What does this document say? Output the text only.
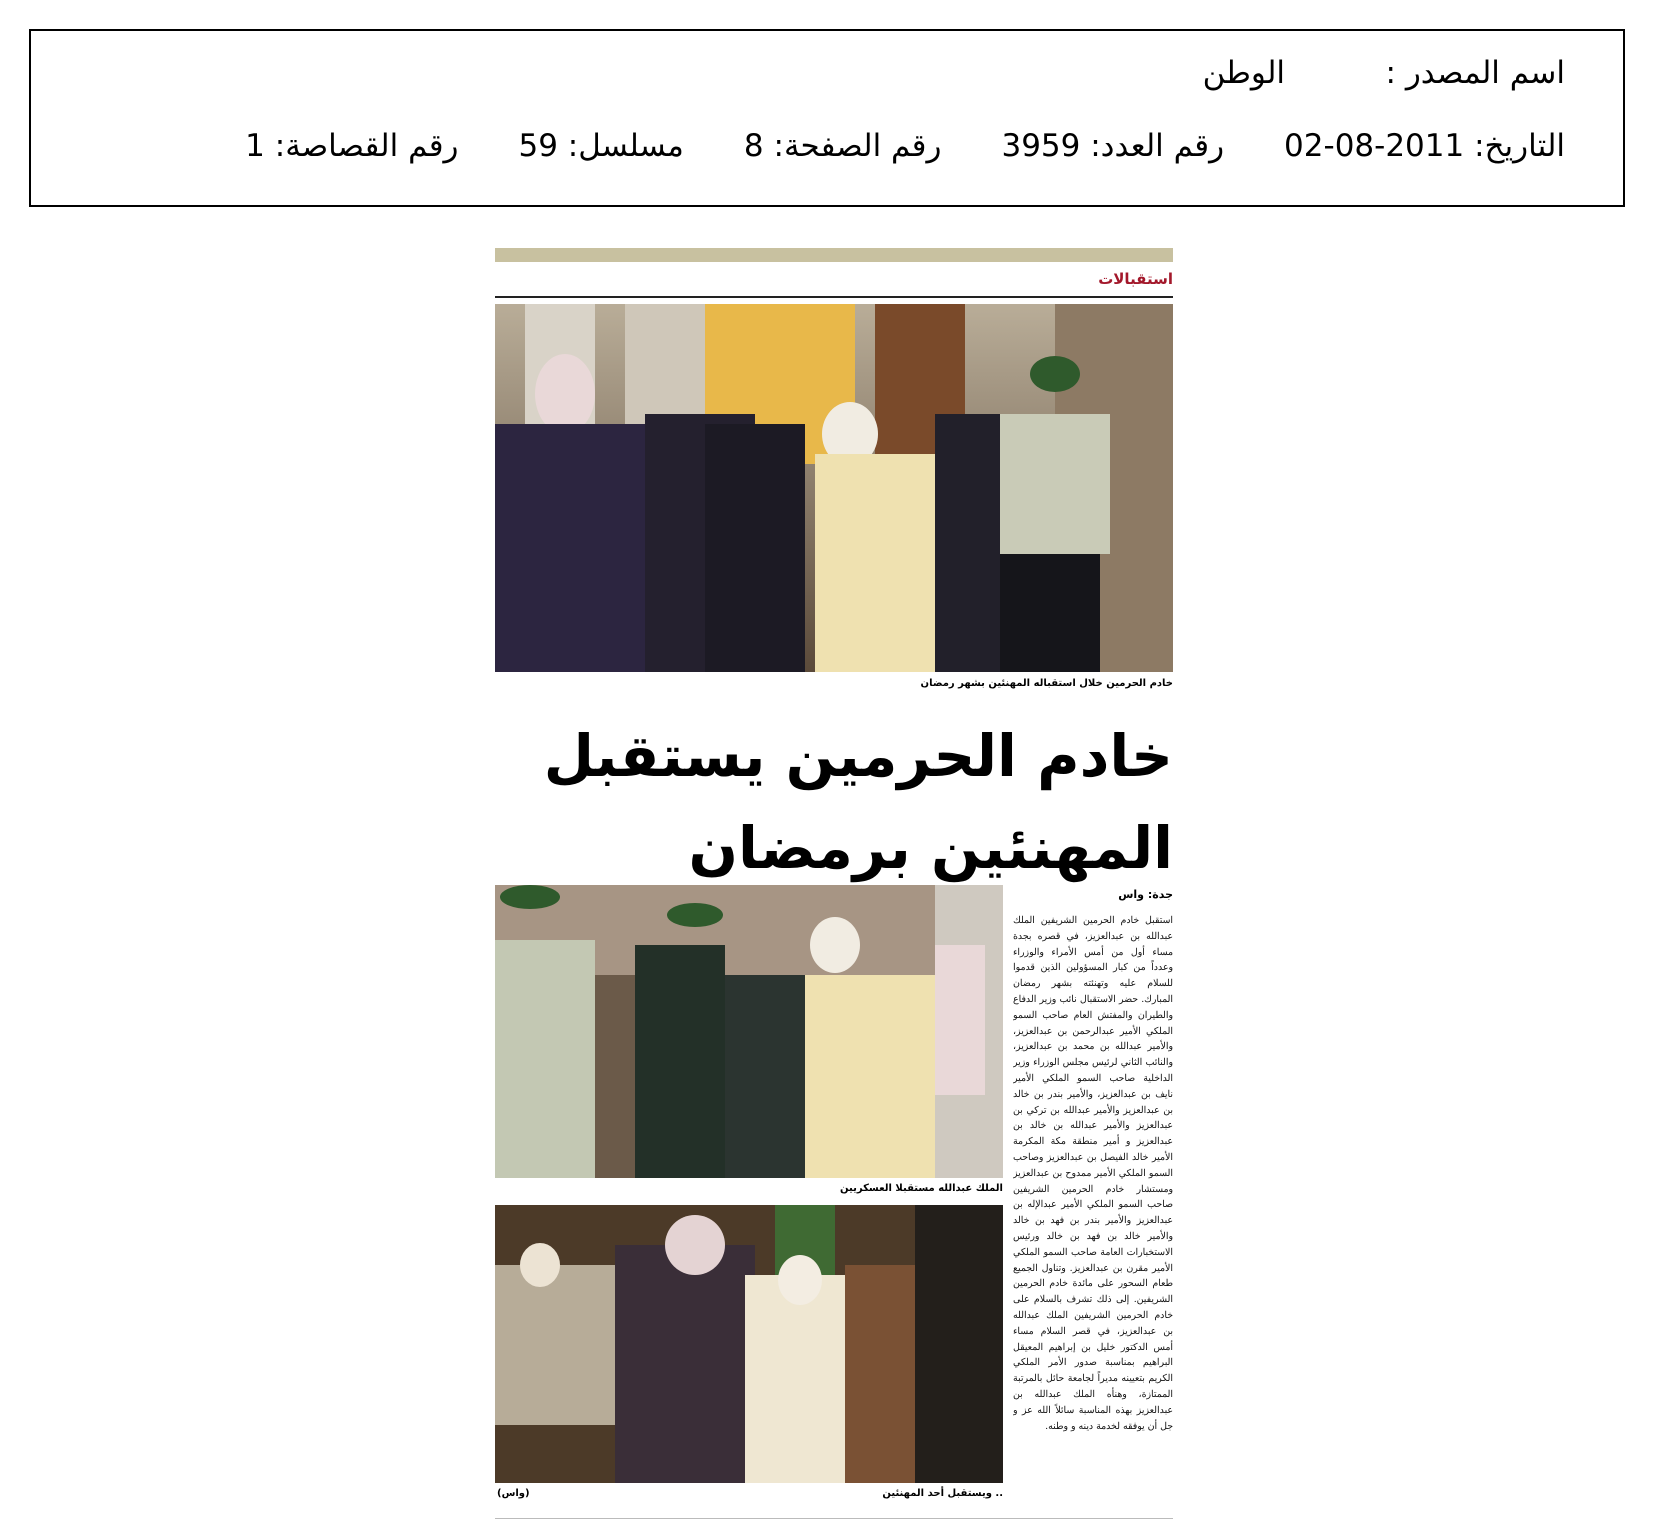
اسم المصدر :الوطن
التاريخ: 2011-08-02رقم العدد: 3959رقم الصفحة: 8مسلسل: 59رقم القصاصة: 1
استقبالات
خادم الحرمين خلال استقباله المهنئين بشهر رمضان
خادم الحرمين يستقبل
المهنئين برمضان
الملك عبدالله مستقبلا العسكريين
.. ويستقبل أحد المهنئين
(واس)
جدة: واس
استقبل خادم الحرمين الشريفين الملك عبدالله بن عبدالعزيز، في قصره بجدة مساء أول من أمس الأمراء والوزراء وعدداً من كبار المسؤولين الذين قدموا للسلام عليه وتهنئته بشهر رمضان المبارك. حضر الاستقبال نائب وزير الدفاع والطيران والمفتش العام صاحب السمو الملكي الأمير عبدالرحمن بن عبدالعزيز، والأمير عبدالله بن محمد بن عبدالعزيز، والنائب الثاني لرئيس مجلس الوزراء وزير الداخلية صاحب السمو الملكي الأمير نايف بن عبدالعزيز، والأمير بندر بن خالد بن عبدالعزيز والأمير عبدالله بن تركي بن عبدالعزيز والأمير عبدالله بن خالد بن عبدالعزيز و أمير منطقة مكة المكرمة الأمير خالد الفيصل بن عبدالعزيز وصاحب السمو الملكي الأمير ممدوح بن عبدالعزيز ومستشار خادم الحرمين الشريفين صاحب السمو الملكي الأمير عبدالإله بن عبدالعزيز والأمير بندر بن فهد بن خالد والأمير خالد بن فهد بن خالد ورئيس الاستخبارات العامة صاحب السمو الملكي الأمير مقرن بن عبدالعزيز. وتناول الجميع طعام السحور على مائدة خادم الحرمين الشريفين. إلى ذلك تشرف بالسلام على خادم الحرمين الشريفين الملك عبدالله بن عبدالعزيز، في قصر السلام مساء أمس الدكتور خليل بن إبراهيم المعيقل البراهيم بمناسبة صدور الأمر الملكي الكريم بتعيينه مديراً لجامعة حائل بالمرتبة الممتازة، وهنأه الملك عبدالله بن عبدالعزيز بهذه المناسبة سائلاً الله عز و جل أن يوفقه لخدمة دينه و وطنه.
